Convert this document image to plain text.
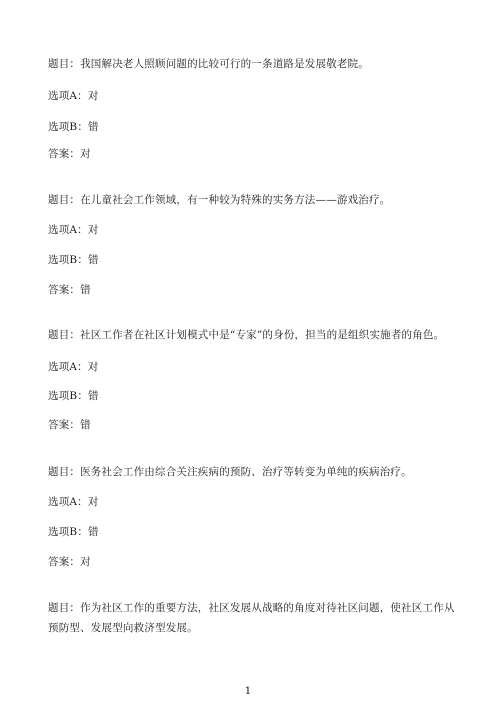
题目：我国解决老人照顾问题的比较可行的一条道路是发展敬老院。
选项A：对
选项B：错
答案：对
题目：在儿童社会工作领域，有一种较为特殊的实务方法——游戏治疗。
选项A：对
选项B：错
答案：错
题目：社区工作者在社区计划模式中是“专家”的身份，担当的是组织实施者的角色。
选项A：对
选项B：错
答案：错
题目：医务社会工作由综合关注疾病的预防、治疗等转变为单纯的疾病治疗。
选项A：对
选项B：错
答案：对
题目：作为社区工作的重要方法，社区发展从战略的角度对待社区问题，使社区工作从预防型、发展型向救济型发展。
1
